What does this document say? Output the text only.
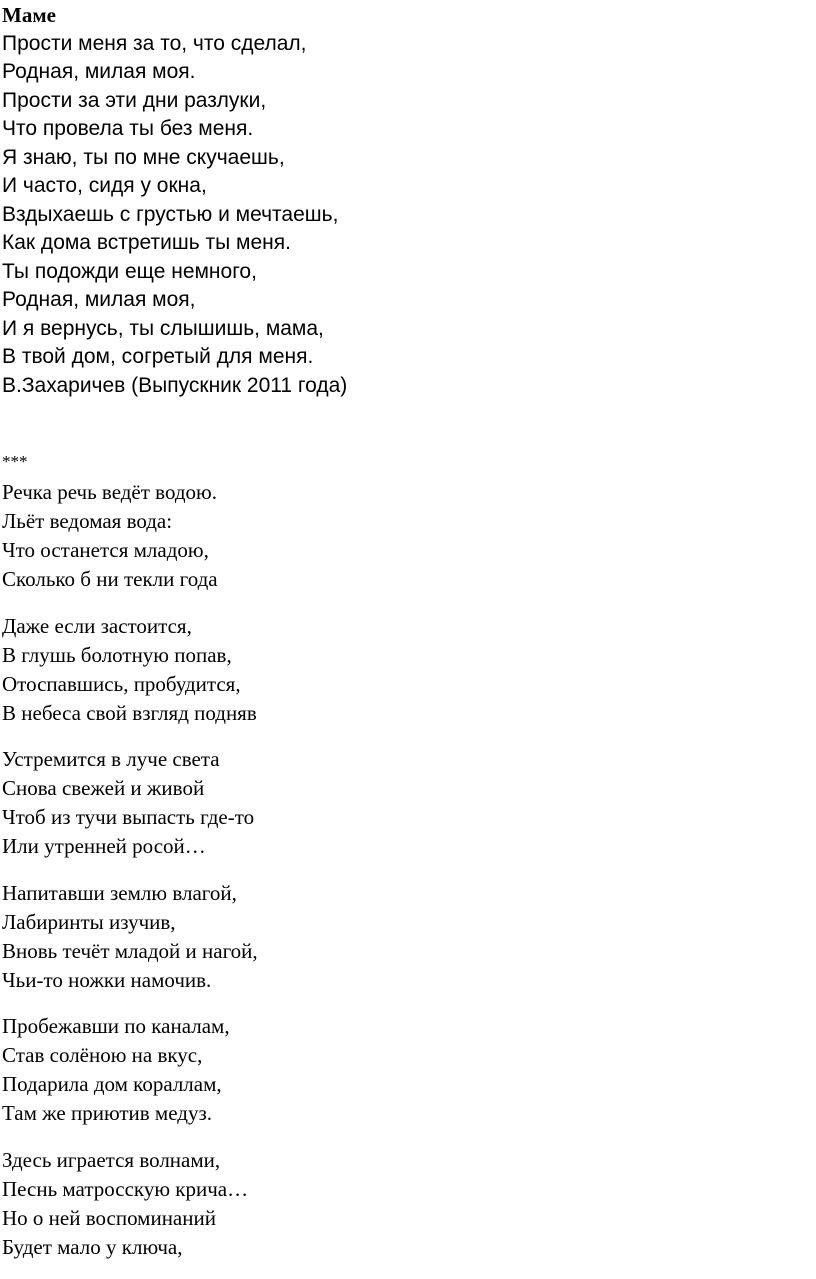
Маме
Прости меня за то, что сделал,
Родная, милая моя.
Прости за эти дни разлуки,
Что провела ты без меня.
Я знаю, ты по мне скучаешь,
И часто, сидя у окна,
Вздыхаешь с грустью и мечтаешь,
Как дома встретишь ты меня.
Ты подожди еще немного,
Родная, милая моя,
И я вернусь, ты слышишь, мама,
В твой дом, согретый для меня.
В.Захаричев (Выпускник 2011 года)
***
Речка речь ведёт водою.
Льёт ведомая вода:
Что останется младою,
Сколько б ни текли года
Даже если застоится,
В глушь болотную попав,
Отоспавшись, пробудится,
В небеса свой взгляд подняв
Устремится в луче света
Снова свежей и живой
Чтоб из тучи выпасть где-то
Или утренней росой…
Напитавши землю влагой,
Лабиринты изучив,
Вновь течёт младой и нагой,
Чьи-то ножки намочив.
Пробежавши по каналам,
Став солёною на вкус,
Подарила дом кораллам,
Там же приютив медуз.
Здесь играется волнами,
Песнь матросскую крича…
Но о ней воспоминаний
Будет мало у ключа,
